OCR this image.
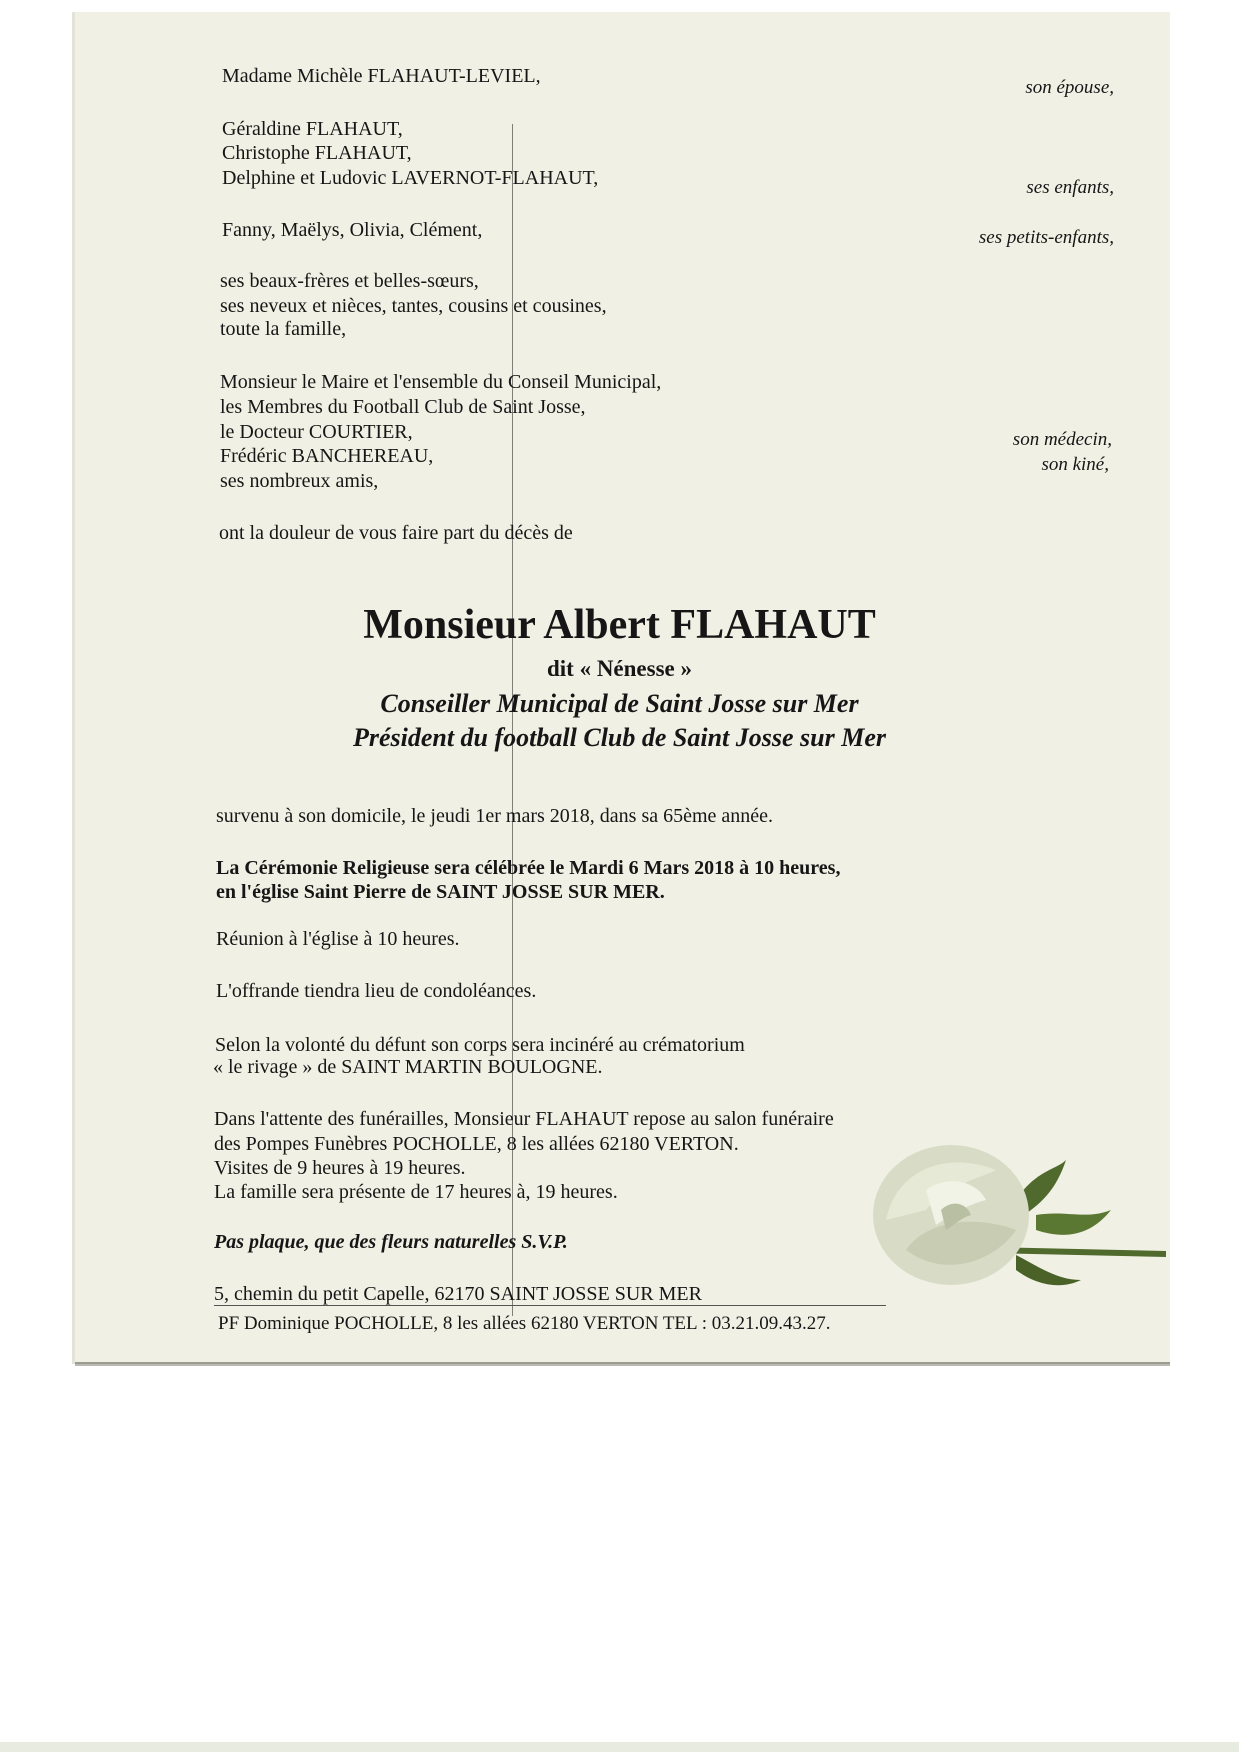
Madame Michèle FLAHAUT-LEVIEL,
son épouse,
Géraldine FLAHAUT,
Christophe FLAHAUT,
Delphine et Ludovic LAVERNOT-FLAHAUT,	ses enfants,
Fanny, Maëlys, Olivia, Clément,	ses petits-enfants,
ses beaux-frères et belles-sœurs,
ses neveux et nièces, tantes, cousins et cousines,
toute la famille,
Monsieur le Maire et l'ensemble du Conseil Municipal,
les Membres du Football Club de Saint Josse,
le Docteur COURTIER,
Frédéric BANCHEREAU,
ses nombreux amis,
son médecin,
son kiné,
ont la douleur de vous faire part du décès de
Monsieur Albert FLAHAUT
dit « Nénesse »
Conseiller Municipal de Saint Josse sur Mer
Président du football Club de Saint Josse sur Mer
survenu à son domicile, le jeudi 1er mars 2018, dans sa 65ème année.
La Cérémonie Religieuse sera célébrée le Mardi 6 Mars 2018 à 10 heures,
en l'église Saint Pierre de SAINT JOSSE SUR MER.
Réunion à l'église à 10 heures.
L'offrande tiendra lieu de condoléances.
Selon la volonté du défunt son corps sera incinéré au crématorium
« le rivage » de SAINT MARTIN BOULOGNE.
Dans l'attente des funérailles, Monsieur FLAHAUT repose au salon funéraire
des Pompes Funèbres POCHOLLE, 8 les allées 62180 VERTON.
Visites de 9 heures à 19 heures.
La famille sera présente de 17 heures à, 19 heures.
Pas plaque, que des fleurs naturelles S.V.P.
5, chemin du petit Capelle, 62170 SAINT JOSSE SUR MER
PF Dominique POCHOLLE, 8 les allées 62180 VERTON TEL : 03.21.09.43.27.
